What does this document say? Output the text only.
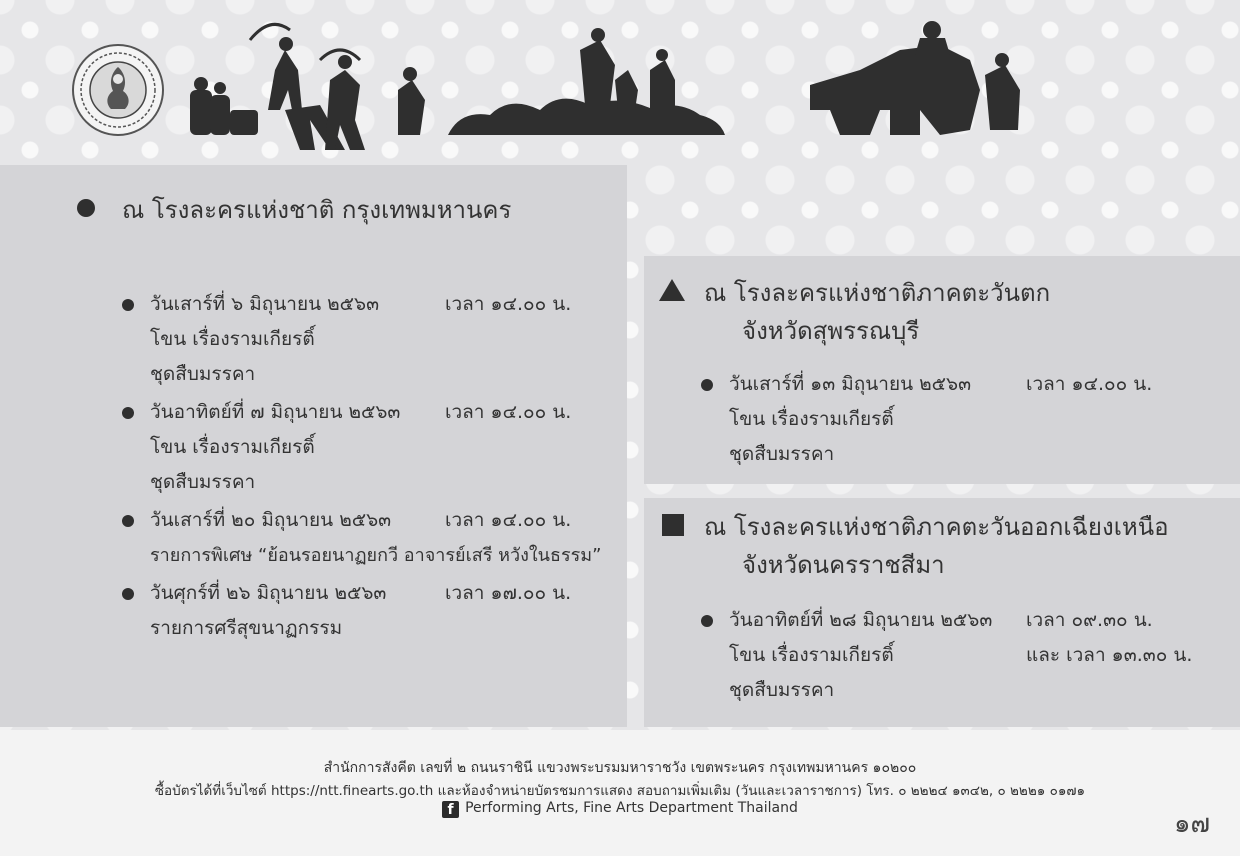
ณ โรงละครแห่งชาติ กรุงเทพมหานคร
วันเสาร์ที่ ๖ มิถุนายน ๒๕๖๓	เวลา ๑๔.๐๐ น.
โขน เรื่องรามเกียรติ์
ชุดสืบมรรคา
วันอาทิตย์ที่ ๗ มิถุนายน ๒๕๖๓ เวลา ๑๔.๐๐ น.
โขน เรื่องรามเกียรติ์
ชุดสืบมรรคา
วันเสาร์ที่ ๒๐ มิถุนายน ๒๕๖๓	เวลา ๑๔.๐๐ น.
รายการพิเศษ “ย้อนรอยนาฏยกวี อาจารย์เสรี หวังในธรรม”
วันศุกร์ที่ ๒๖ มิถุนายน ๒๕๖๓	เวลา ๑๗.๐๐ น.
รายการศรีสุขนาฏกรรม
ณ โรงละครแห่งชาติภาคตะวันตก
จังหวัดสุพรรณบุรี
วันเสาร์ที่ ๑๓ มิถุนายน ๒๕๖๓	เวลา ๑๔.๐๐ น.
โขน เรื่องรามเกียรติ์
ชุดสืบมรรคา
ณ โรงละครแห่งชาติภาคตะวันออกเฉียงเหนือ
จังหวัดนครราชสีมา
วันอาทิตย์ที่ ๒๘ มิถุนายน ๒๕๖๓ เวลา ๐๙.๓๐ น.
และ เวลา ๑๓.๓๐ น.
โขน เรื่องรามเกียรติ์
ชุดสืบมรรคา
สำนักการสังคีต เลขที่ ๒ ถนนราชินี แขวงพระบรมมหาราชวัง เขตพระนคร กรุงเทพมหานคร ๑๐๒๐๐
ซื้อบัตรได้ที่เว็บไซต์ https://ntt.finearts.go.th และห้องจำหน่ายบัตรชมการแสดง สอบถามเพิ่มเติม (วันและเวลาราชการ) โทร. ๐ ๒๒๒๔ ๑๓๔๒, ๐ ๒๒๒๑ ๐๑๗๑
f Performing Arts, Fine Arts Department Thailand
๑๗
